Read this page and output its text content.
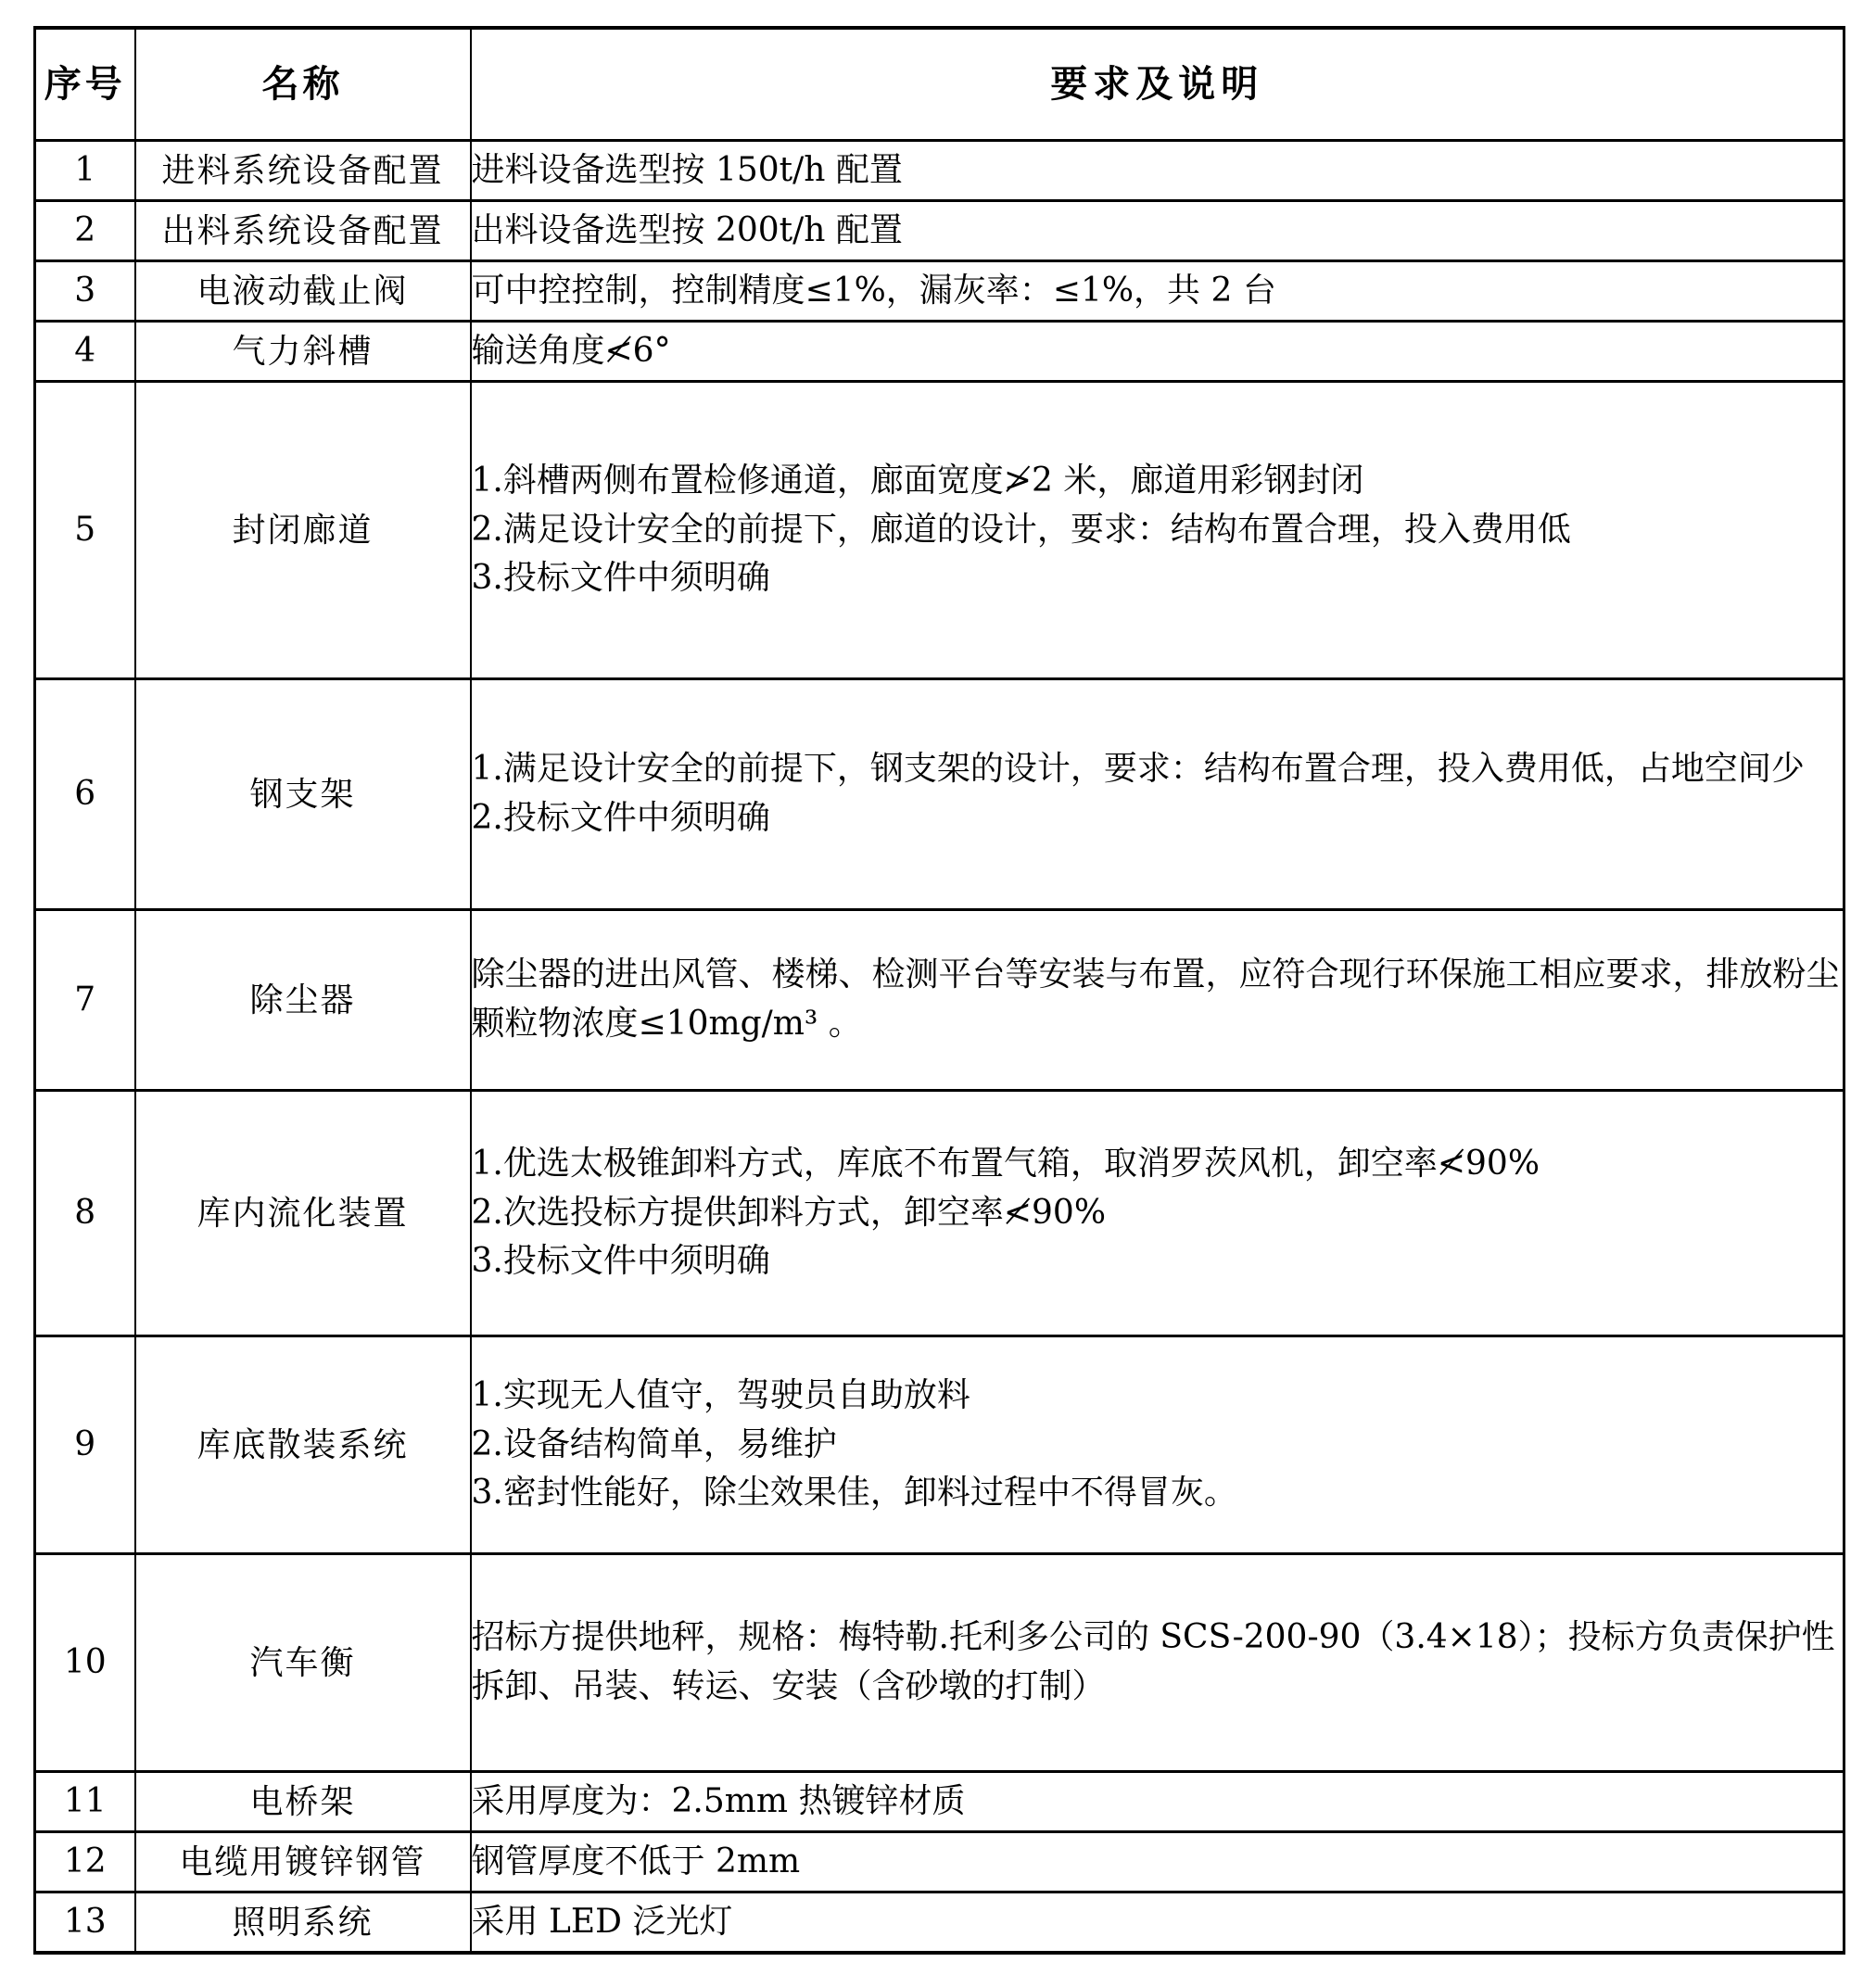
序号	名称	要求及说明
1	进料系统设备配置	进料设备选型按 150t/h 配置

2	出料系统设备配置	出料设备选型按 200t/h 配置

3	电液动截止阀	可中控控制，控制精度≤1%，漏灰率：≤1%，共 2 台

4	气力斜槽	输送角度≮6°

5	封闭廊道	1.斜槽两侧布置检修通道，廊面宽度≯2 米，廊道用彩钢封闭
2.满足设计安全的前提下，廊道的设计，要求：结构布置合理，投入费用低
3.投标文件中须明确

6	钢支架	1.满足设计安全的前提下，钢支架的设计，要求：结构布置合理，投入费用低，占地空间少
2.投标文件中须明确

7	除尘器	除尘器的进出风管、楼梯、检测平台等安装与布置，应符合现行环保施工相应要求，排放粉尘颗粒物浓度≤10mg/m³ 。

8	库内流化装置	1.优选太极锥卸料方式，库底不布置气箱，取消罗茨风机，卸空率≮90%
2.次选投标方提供卸料方式，卸空率≮90%
3.投标文件中须明确

9	库底散装系统	1.实现无人值守，驾驶员自助放料
2.设备结构简单，易维护
3.密封性能好，除尘效果佳，卸料过程中不得冒灰。

10	汽车衡	招标方提供地秤，规格：梅特勒.托利多公司的 SCS-200-90（3.4×18）；投标方负责保护性拆卸、吊装、转运、安装（含砂墩的打制）

11	电桥架	采用厚度为：2.5mm 热镀锌材质

12	电缆用镀锌钢管	钢管厚度不低于 2mm

13	照明系统	采用 LED 泛光灯
